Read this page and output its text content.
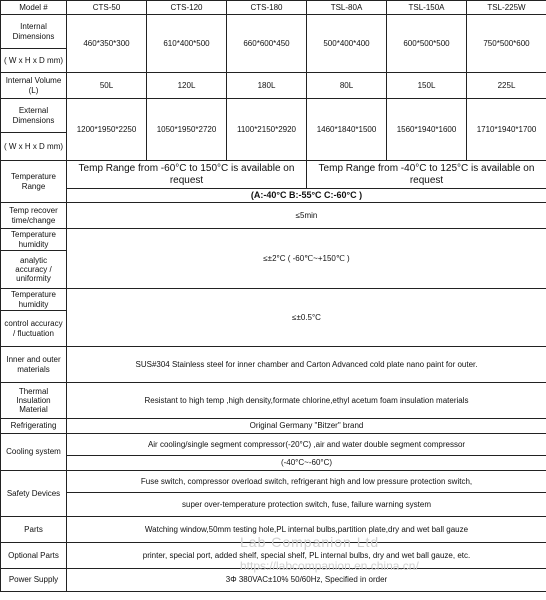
Model #	CTS-50	CTS-120	CTS-180	TSL-80A	TSL-150A	TSL-225W
Internal Dimensions	460*350*300	610*400*500	660*600*450	500*400*400	600*500*500	750*500*600
( W x H x D mm)						
Internal Volume (L)	50L	120L	180L	80L	150L	225L
External Dimensions	1200*1950*2250	1050*1950*2720	1100*2150*2920	1460*1840*1500	1560*1940*1600	1710*1940*1700
( W x H x D mm)						
Temperature Range	Temp Range from -60°C to 150°C is available on request			Temp Range from -40°C to 125°C is available on request		
	(A:-40°C B:-55°C C:-60°C )					
Temp recover time/change	≤5min					
Temperature humidity	≤±2°C ( -60℃~+150℃ )					
analytic accuracy / uniformity						
Temperature humidity	≤±0.5°C					
control accuracy / fluctuation						
Inner and outer materials	SUS#304 Stainless steel for inner chamber and Carton Advanced cold plate nano paint for outer.					
Thermal Insulation Material	Resistant to high temp ,high density,formate chlorine,ethyl acetum foam insulation materials					
Refrigerating	Original Germany "Bitzer" brand					
Cooling system	Air cooling/single segment compressor(-20°C) ,air and water double segment compressor					
	(-40°C~-60°C)					
Safety Devices	Fuse switch, compressor overload switch, refrigerant high and low pressure protection switch,					
	super over-temperature protection switch, fuse, failure warning system					
Parts	Watching window,50mm testing hole,PL internal bulbs,partition plate,dry and wet ball gauze					
Optional Parts	printer, special port, added shelf, special shelf, PL internal bulbs, dry and wet ball gauze, etc.					
Power Supply	3Φ 380VAC±10% 50/60Hz, Specified in order					
Lab Companion Ltd
https://labcompanion.en.china.cn/
